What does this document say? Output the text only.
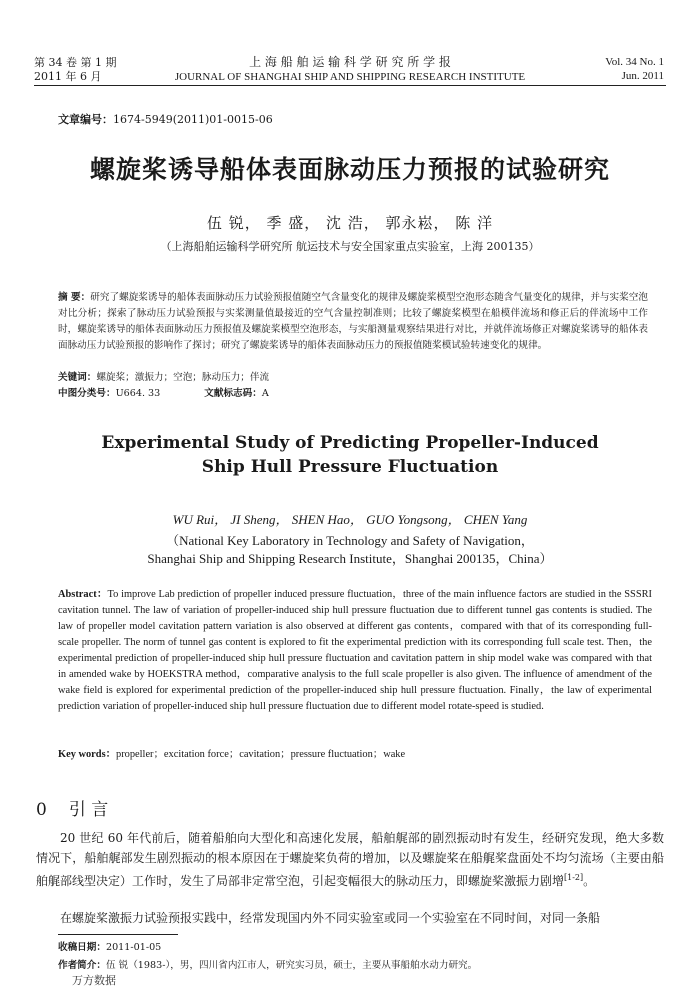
第 34 卷 第 1 期
2011 年 6 月
上 海 船 舶 运 输 科 学 研 究 所 学 报
JOURNAL OF SHANGHAI SHIP AND SHIPPING RESEARCH INSTITUTE
Vol. 34 No. 1
Jun. 2011
文章编号：1674-5949(2011)01-0015-06
螺旋桨诱导船体表面脉动压力预报的试验研究
伍 锐， 季 盛， 沈 浩， 郭永崧， 陈 洋
（上海船舶运输科学研究所 航运技术与安全国家重点实验室，上海 200135）
摘 要：研究了螺旋桨诱导的船体表面脉动压力试验预报值随空气含量变化的规律及螺旋桨模型空泡形态随含气量变化的规律，并与实桨空泡对比分析；探索了脉动压力试验预报与实桨测量值最接近的空气含量控制准则；比较了螺旋桨模型在船模伴流场和修正后的伴流场中工作时，螺旋桨诱导的船体表面脉动压力预报值及螺旋桨模型空泡形态，与实船测量观察结果进行对比，并就伴流场修正对螺旋桨诱导的船体表面脉动压力试验预报的影响作了探讨；研究了螺旋桨诱导的船体表面脉动压力的预报值随桨模试验转速变化的规律。
关键词：螺旋桨；激振力；空泡；脉动压力；伴流
中图分类号：U664. 33	文献标志码：A
Experimental Study of Predicting Propeller-Induced
Ship Hull Pressure Fluctuation
WU Rui， JI Sheng， SHEN Hao， GUO Yongsong， CHEN Yang
（National Key Laboratory in Technology and Safety of Navigation，
Shanghai Ship and Shipping Research Institute，Shanghai 200135，China）
Abstract：To improve Lab prediction of propeller induced pressure fluctuation，three of the main influence factors are studied in the SSSRI cavitation tunnel. The law of variation of propeller-induced ship hull pressure fluctuation due to different tunnel gas contents is studied. The law of propeller model cavitation pattern variation is also observed at different gas contents，compared with that of its corresponding full-scale propeller. The norm of tunnel gas content is explored to fit the experimental prediction with its corresponding full scale test. Then，the experimental prediction of propeller-induced ship hull pressure fluctuation and cavitation pattern in ship model wake was compared with that in amended wake by HOEKSTRA method，comparative analysis to the full scale propeller is also given. The influence of amendment of the wake field is explored for experimental prediction of the propeller-induced ship hull pressure fluctuation. Finally，the law of experimental prediction variation of propeller-induced ship hull pressure fluctuation due to different model rotate-speed is studied.
Key words：propeller；excitation force；cavitation；pressure fluctuation；wake
0 引 言
20 世纪 60 年代前后，随着船舶向大型化和高速化发展，船舶艉部的剧烈振动时有发生，经研究发现，绝大多数情况下，船舶艉部发生剧烈振动的根本原因在于螺旋桨负荷的增加，以及螺旋桨在船艉桨盘面处不均匀流场（主要由船舶艉部线型决定）工作时，发生了局部非定常空泡，引起变幅很大的脉动压力，即螺旋桨激振力剧增[1-2]。
在螺旋桨激振力试验预报实践中，经常发现国内外不同实验室或同一个实验室在不同时间，对同一条船
收稿日期：2011-01-05
作者简介：伍 锐（1983-），男，四川省内江市人，研究实习员，硕士，主要从事船舶水动力研究。
万方数据
